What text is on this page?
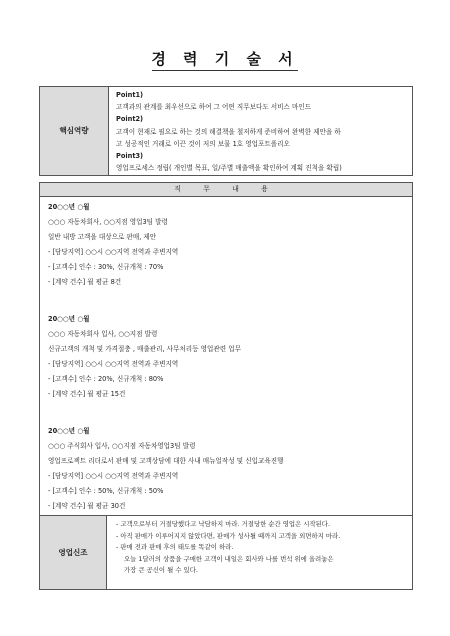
경 력 기 술 서
핵심역량
Point1)
고객과의 관계를 최우선으로 하여 그 어떤 직무보다도 서비스 마인드
Point2)
고객이 현재로 필요로 하는 것의 해결책을 철저하게 준비하여 완벽한 제안을 하
고 성공적인 거래로 이끈 것이 저의 보물 1호 영업포트폴리오
Point3)
영업프로세스 정립( 개인별 목표, 일/주별 매출액을 확인하여 계획 진척을 확립)
직 무 내 용
20○○년 ○월
○○○ 자동차회사, ○○지점 영업3팀 발령
일반 내방 고객을 대상으로 판매, 제안
- [담당지역] ○○시 ○○지역 전역과 주변지역
- [고객수] 인수 : 30%, 신규개척 : 70%
- [계약 건수] 월 평균 8건
20○○년 ○월
○○○ 자동차회사 입사, ○○지점 발령
신규고객의 개척 및 가격절충 , 매출관리, 사무처리등 영업관련 업무
- [담당지역] ○○시 ○○지역 전역과 주변지역
- [고객수] 인수 : 20%, 신규개척 : 80%
- [계약 건수] 월 평균 15건
20○○년 ○월
○○○ 주식회사 입사, ○○지점 자동차영업3팀 발령
영업프로젝트 리더로서 판매 및 고객상담에 대한 사내 매뉴얼작성 및 신입교육진행
- [담당지역] ○○시 ○○지역 전역과 주변지역
- [고객수] 인수 : 50%, 신규개척 : 50%
- [계약 건수] 월 평균 30건
영업신조
- 고객으로부터 거절당했다고 낙담하지 마라. 거절당한 순간 영업은 시작된다.
- 아직 판매가 이루어지지 않았다면, 판매가 성사될 때까지 고객을 외면하지 마라.
- 판매 전과 판매 후의 태도를 똑같이 하라.
오늘 1달러의 상품을 구매한 고객이 내일은 회사와 나를 번석 위에 올려놓은
가장 큰 공신이 될 수 있다.
